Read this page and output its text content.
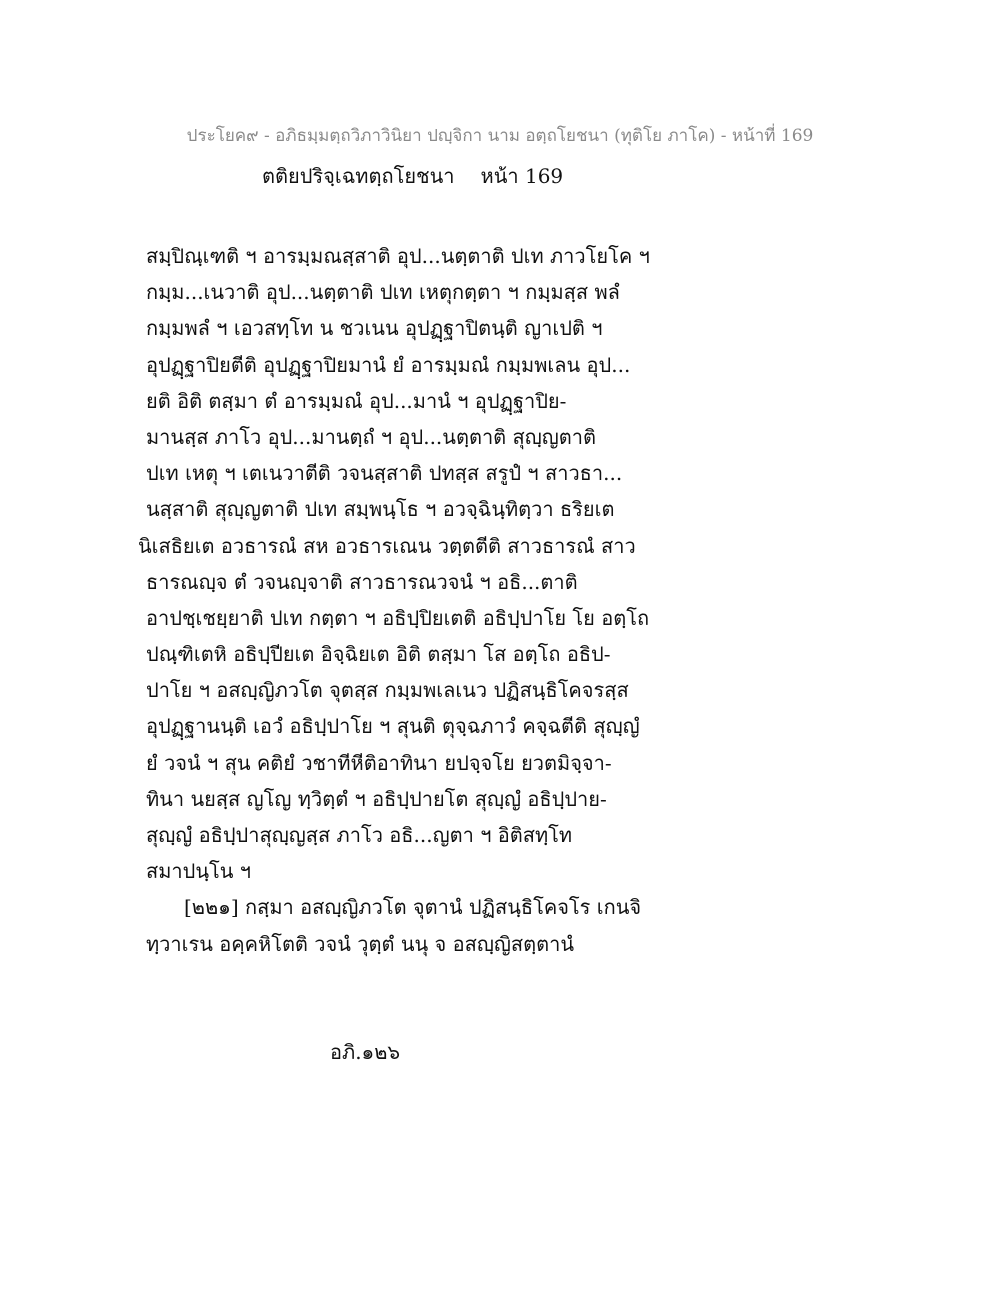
ประโยค๙ - อภิธมฺมตฺถวิภาวินิยา ปญฺจิกา นาม อตฺถโยชนา (ทุติโย ภาโค) - หน้าที่ 169
ตติยปริจฺเฉทตฺถโยชนา หน้า 169
สมฺปิณฺเฑติ ฯ อารมฺมณสฺสาติ อุป...นตฺตาติ ปเท ภาวโยโค ฯ
กมฺม...เนวาติ อุป...นตฺตาติ ปเท เหตุกตฺตา ฯ กมฺมสฺส พลํ
กมฺมพลํ ฯ เอวสทฺโท น ชวเนน อุปฏฺฐาปิตนฺติ ญาเปติ ฯ
อุปฏฺฐาปิยตีติ อุปฏฺฐาปิยมานํ ยํ อารมฺมณํ กมฺมพเลน อุป...
ยติ อิติ ตสฺมา ตํ อารมฺมณํ อุป...มานํ ฯ อุปฏฺฐาปิย-
มานสฺส ภาโว อุป...มานตฺถํ ฯ อุป...นตฺตาติ สุญฺญตาติ
ปเท เหตุ ฯ เตเนวาตีติ วจนสฺสาติ ปทสฺส สรูปํ ฯ สาวธา...
นสฺสาติ สุญฺญตาติ ปเท สมฺพนฺโธ ฯ อวจฺฉินฺทิตฺวา ธริยเต
นิเสธิยเต อวธารณํ สห อวธารเณน วตฺตตีติ สาวธารณํ สาว
ธารณญฺจ ตํ วจนญฺจาติ สาวธารณวจนํ ฯ อธิ...ตาติ
อาปชฺเชยฺยาติ ปเท กตฺตา ฯ อธิปฺปิยเตติ อธิปฺปาโย โย อตฺโถ
ปณฺฑิเตหิ อธิปฺปียเต อิจฺฉิยเต อิติ ตสฺมา โส อตฺโถ อธิป-
ปาโย ฯ อสญฺญิภวโต จุตสฺส กมฺมพเลเนว ปฏิสนฺธิโคจรสฺส
อุปฏฺฐานนฺติ เอวํ อธิปฺปาโย ฯ สุนติ ตุจฺฉภาวํ คจฺฉตีติ สุญฺญํ
ยํ วจนํ ฯ สุน คติยํ วชาทีหีติอาทินา ยปจฺจโย ยวตมิจฺจา-
ทินา นยสฺส ญโญ ทฺวิตฺตํ ฯ อธิปฺปายโต สุญฺญํ อธิปฺปาย-
สุญฺญํ อธิปฺปาสุญฺญสฺส ภาโว อธิ...ญตา ฯ อิติสทฺโท
สมาปนฺโน ฯ
[๒๒๑] กสฺมา อสญฺญิภวโต จุตานํ ปฏิสนฺธิโคจโร เกนจิ
ทฺวาเรน อคฺคหิโตติ วจนํ วุตฺตํ นนุ จ อสญฺญิสตฺตานํ
อภิ.๑๒๖
